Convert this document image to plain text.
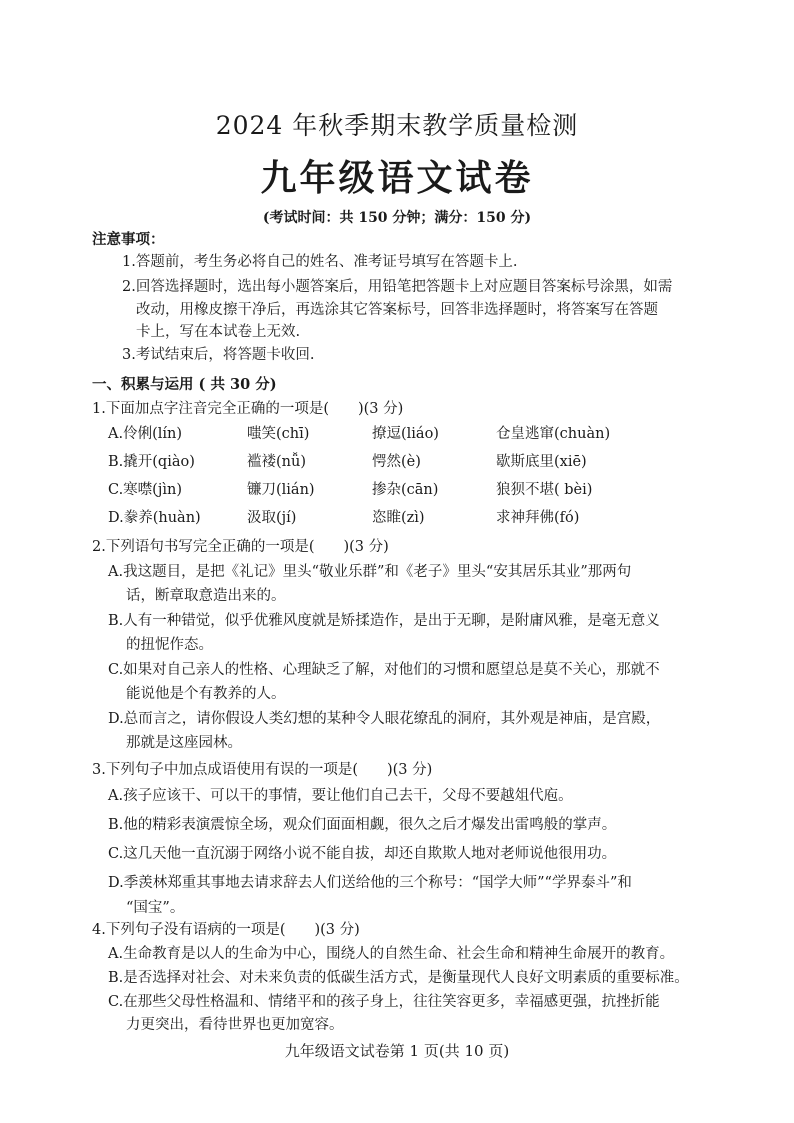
2024 年秋季期末教学质量检测
九年级语文试卷
(考试时间：共 150 分钟；满分：150 分)
注意事项：
1.答题前，考生务必将自己的姓名、准考证号填写在答题卡上.
2.回答选择题时，选出每小题答案后，用铅笔把答题卡上对应题目答案标号涂黑，如需
改动，用橡皮擦干净后，再选涂其它答案标号，回答非选择题时，将答案写在答题
卡上，写在本试卷上无效.
3.考试结束后，将答题卡收回.
一、积累与运用 ( 共 30 分)
1.下面加点字注音完全正确的一项是(　　)(3 分)
A.伶俐(lín)	嗤笑(chī)	撩逗(liáo)	仓皇逃窜(chuàn)
B.撬开(qiào)	褴褛(nǚ)	愕然(è)	歇斯底里(xiē)
C.寒噤(jìn)	镰刀(lián)	掺杂(cān)	狼狈不堪( bèi)
D.豢养(huàn)	汲取(jí)	恣睢(zì)	求神拜佛(fó)
2.下列语句书写完全正确的一项是(　　)(3 分)
A.我这题目，是把《礼记》里头“敬业乐群”和《老子》里头“安其居乐其业”那两句
话，断章取意造出来的。
B.人有一种错觉，似乎优雅风度就是矫揉造作，是出于无聊，是附庸风雅，是毫无意义
的扭怩作态。
C.如果对自己亲人的性格、心理缺乏了解，对他们的习惯和愿望总是莫不关心，那就不
能说他是个有教养的人。
D.总而言之，请你假设人类幻想的某种令人眼花缭乱的洞府，其外观是神庙，是宫殿，
那就是这座园林。
3.下列句子中加点成语使用有误的一项是(　　)(3 分)
A.孩子应该干、可以干的事情，要让他们自己去干，父母不要越俎代庖。
B.他的精彩表演震惊全场，观众们面面相觑，很久之后才爆发出雷鸣般的掌声。
C.这几天他一直沉溺于网络小说不能自拔，却还自欺欺人地对老师说他很用功。
D.季羡林郑重其事地去请求辞去人们送给他的三个称号：“国学大师”“学界泰斗”和
“国宝”。
4.下列句子没有语病的一项是(　　)(3 分)
A.生命教育是以人的生命为中心，围绕人的自然生命、社会生命和精神生命展开的教育。
B.是否选择对社会、对未来负责的低碳生活方式，是衡量现代人良好文明素质的重要标准。
C.在那些父母性格温和、情绪平和的孩子身上，往往笑容更多，幸福感更强，抗挫折能
力更突出，看待世界也更加宽容。
九年级语文试卷第 1 页(共 10 页)
